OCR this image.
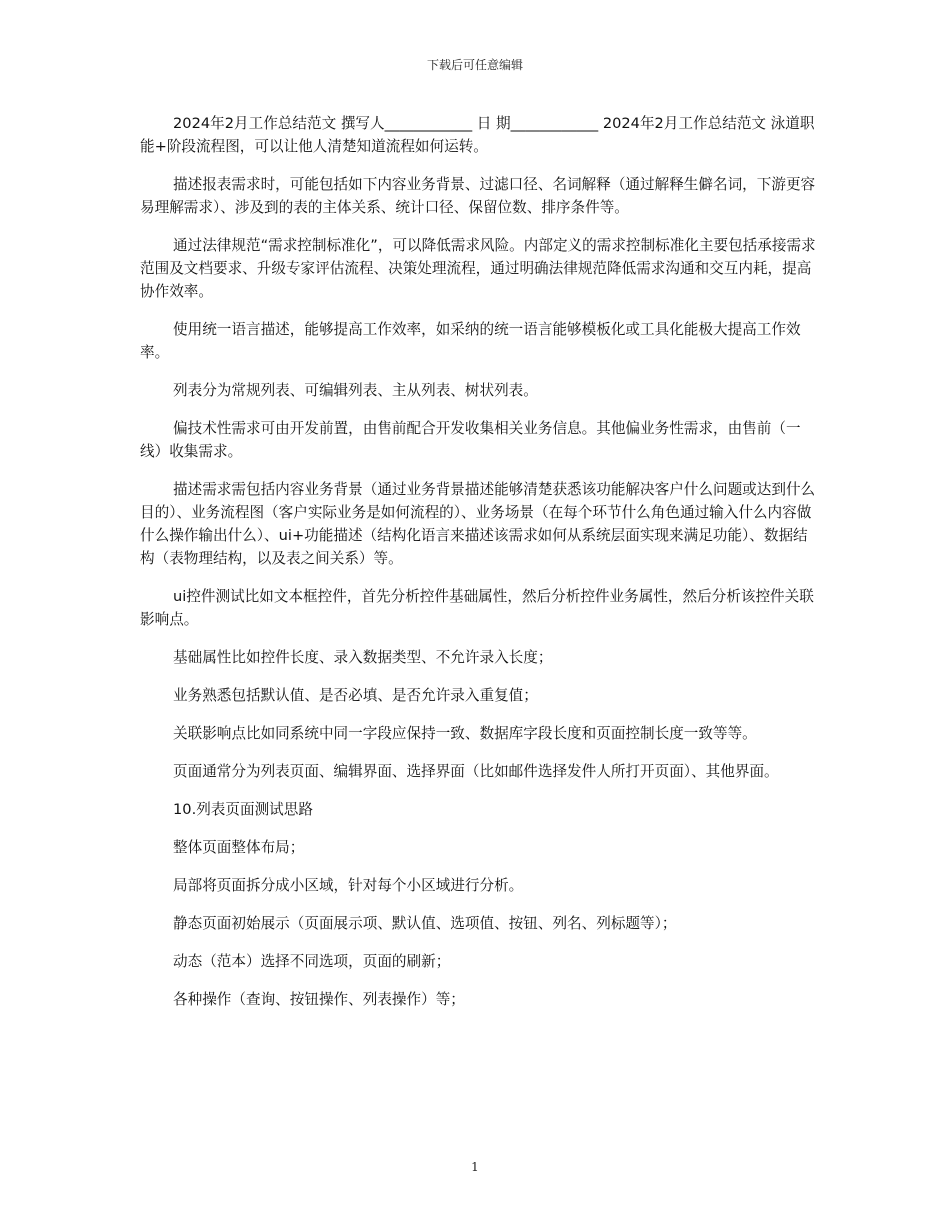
下载后可任意编辑

2024年2月工作总结范文 撰写人____________ 日 期____________ 2024年2月工作总结范文 泳道职能+阶段流程图，可以让他人清楚知道流程如何运转。

描述报表需求时，可能包括如下内容业务背景、过滤口径、名词解释（通过解释生僻名词，下游更容易理解需求）、涉及到的表的主体关系、统计口径、保留位数、排序条件等。

通过法律规范“需求控制标准化”，可以降低需求风险。内部定义的需求控制标准化主要包括承接需求范围及文档要求、升级专家评估流程、决策处理流程，通过明确法律规范降低需求沟通和交互内耗，提高协作效率。

使用统一语言描述，能够提高工作效率，如采纳的统一语言能够模板化或工具化能极大提高工作效率。

列表分为常规列表、可编辑列表、主从列表、树状列表。

偏技术性需求可由开发前置，由售前配合开发收集相关业务信息。其他偏业务性需求，由售前（一线）收集需求。

描述需求需包括内容业务背景（通过业务背景描述能够清楚获悉该功能解决客户什么问题或达到什么目的）、业务流程图（客户实际业务是如何流程的）、业务场景（在每个环节什么角色通过输入什么内容做什么操作输出什么）、ui+功能描述（结构化语言来描述该需求如何从系统层面实现来满足功能）、数据结构（表物理结构，以及表之间关系）等。

ui控件测试比如文本框控件，首先分析控件基础属性，然后分析控件业务属性，然后分析该控件关联影响点。

基础属性比如控件长度、录入数据类型、不允许录入长度；

业务熟悉包括默认值、是否必填、是否允许录入重复值；

关联影响点比如同系统中同一字段应保持一致、数据库字段长度和页面控制长度一致等等。

页面通常分为列表页面、编辑界面、选择界面（比如邮件选择发件人所打开页面）、其他界面。

10.列表页面测试思路

整体页面整体布局；

局部将页面拆分成小区域，针对每个小区域进行分析。

静态页面初始展示（页面展示项、默认值、选项值、按钮、列名、列标题等）；

动态（范本）选择不同选项，页面的刷新；

各种操作（查询、按钮操作、列表操作）等；

1
